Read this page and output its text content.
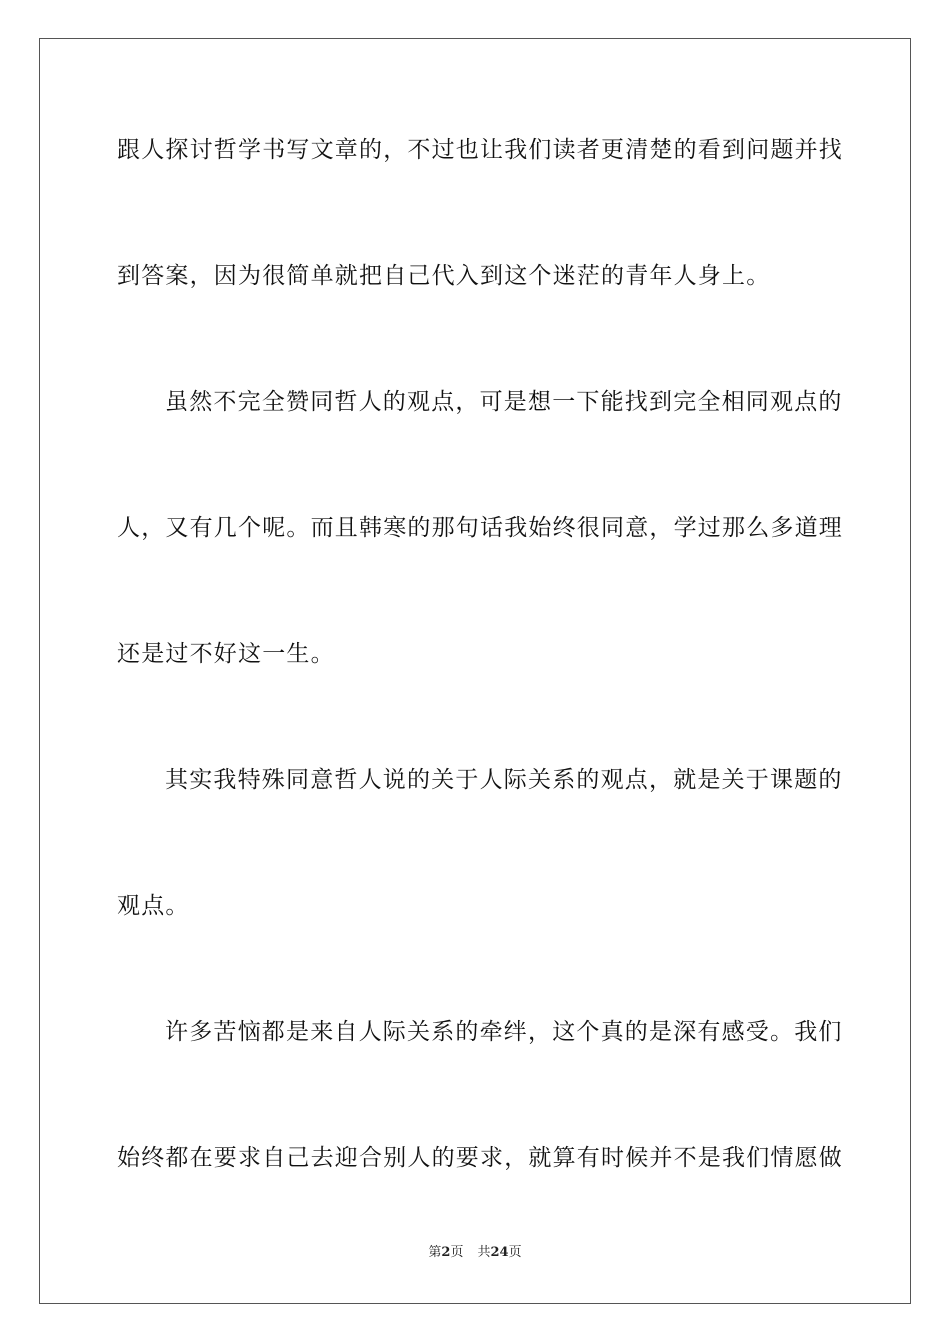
跟人探讨哲学书写文章的，不过也让我们读者更清楚的看到问题并找
到答案，因为很简单就把自己代入到这个迷茫的青年人身上。
虽然不完全赞同哲人的观点，可是想一下能找到完全相同观点的
人，又有几个呢。而且韩寒的那句话我始终很同意，学过那么多道理
还是过不好这一生。
其实我特殊同意哲人说的关于人际关系的观点，就是关于课题的
观点。
许多苦恼都是来自人际关系的牵绊，这个真的是深有感受。我们
始终都在要求自己去迎合别人的要求，就算有时候并不是我们情愿做
第2页 共24页
